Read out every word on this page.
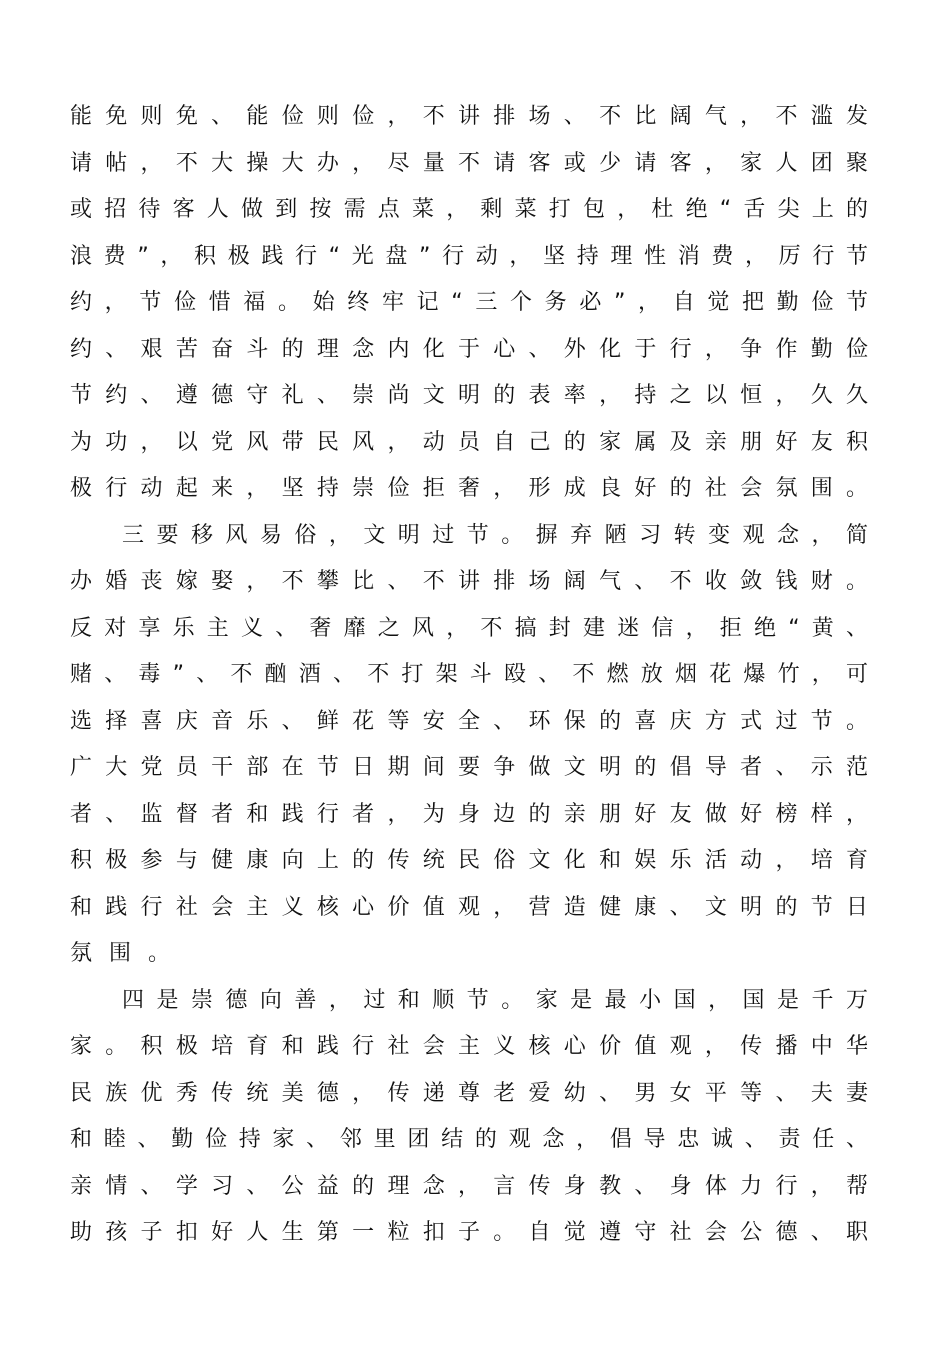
能免则免、能俭则俭，不讲排场、不比阔气，不滥发
请帖，不大操大办，尽量不请客或少请客，家人团聚
或招待客人做到按需点菜，剩菜打包，杜绝“舌尖上的
浪费”，积极践行“光盘”行动，坚持理性消费，厉行节
约，节俭惜福。始终牢记“三个务必”，自觉把勤俭节
约、艰苦奋斗的理念内化于心、外化于行，争作勤俭
节约、遵德守礼、崇尚文明的表率，持之以恒，久久
为功，以党风带民风，动员自己的家属及亲朋好友积
极行动起来，坚持崇俭拒奢，形成良好的社会氛围。
三要移风易俗，文明过节。摒弃陋习转变观念，简
办婚丧嫁娶，不攀比、不讲排场阔气、不收敛钱财。
反对享乐主义、奢靡之风，不搞封建迷信，拒绝“黄、
赌、毒”、不酗酒、不打架斗殴、不燃放烟花爆竹，可
选择喜庆音乐、鲜花等安全、环保的喜庆方式过节。
广大党员干部在节日期间要争做文明的倡导者、示范
者、监督者和践行者，为身边的亲朋好友做好榜样，
积极参与健康向上的传统民俗文化和娱乐活动，培育
和践行社会主义核心价值观，营造健康、文明的节日
氛围。
四是崇德向善，过和顺节。家是最小国，国是千万
家。积极培育和践行社会主义核心价值观，传播中华
民族优秀传统美德，传递尊老爱幼、男女平等、夫妻
和睦、勤俭持家、邻里团结的观念，倡导忠诚、责任、
亲情、学习、公益的理念，言传身教、身体力行，帮
助孩子扣好人生第一粒扣子。自觉遵守社会公德、职
